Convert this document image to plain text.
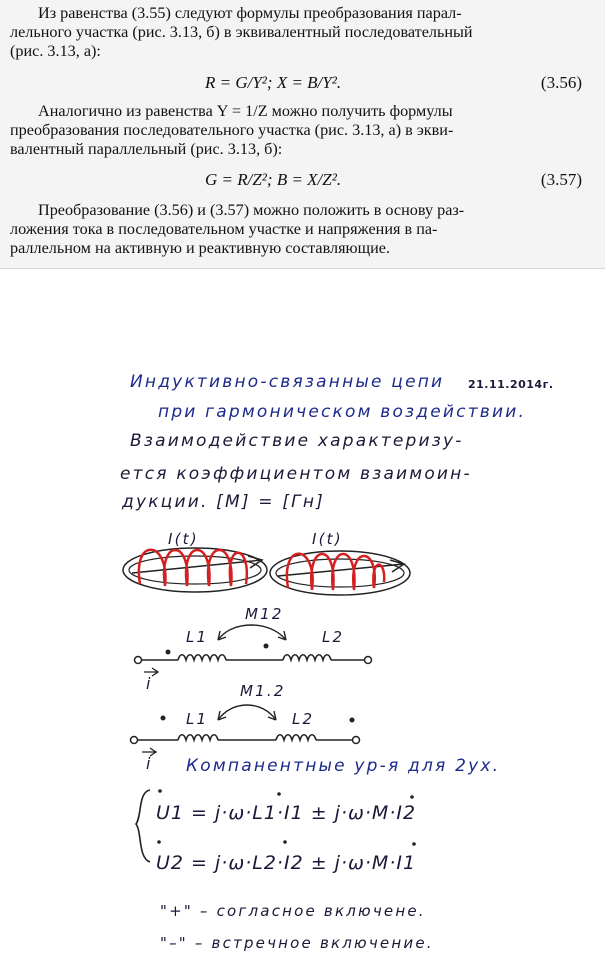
Из равенства (3.55) следуют формулы преобразования парал-
лельного участка (рис. 3.13, б) в эквивалентный последовательный
(рис. 3.13, а):
R = G/Y²; X = B/Y².	(3.56)
Аналогично из равенства Y = 1/Z можно получить формулы
преобразования последовательного участка (рис. 3.13, а) в экви-
валентный параллельный (рис. 3.13, б):
G = R/Z²; B = X/Z².	(3.57)
Преобразование (3.56) и (3.57) можно положить в основу раз-
ложения тока в последовательном участке и напряжения в па-
раллельном на активную и реактивную составляющие.
Индуктивно-связанные цепи 21.11.2014г.
при гармоническом воздействии.
Взаимодействие характеризу-
ется коэффициентом взаимоин-
дукции. [M] = [Гн]
I(t)	I(t)
M12
L1	L2
i	M1.2
L1	L2
i Компанентные ур-я для 2ух.
U1 = j·ω·L1·I1 ± j·ω·M·I2
U2 = j·ω·L2·I2 ± j·ω·M·I1
"+" – согласное включене.
"–" – встречное включение.
